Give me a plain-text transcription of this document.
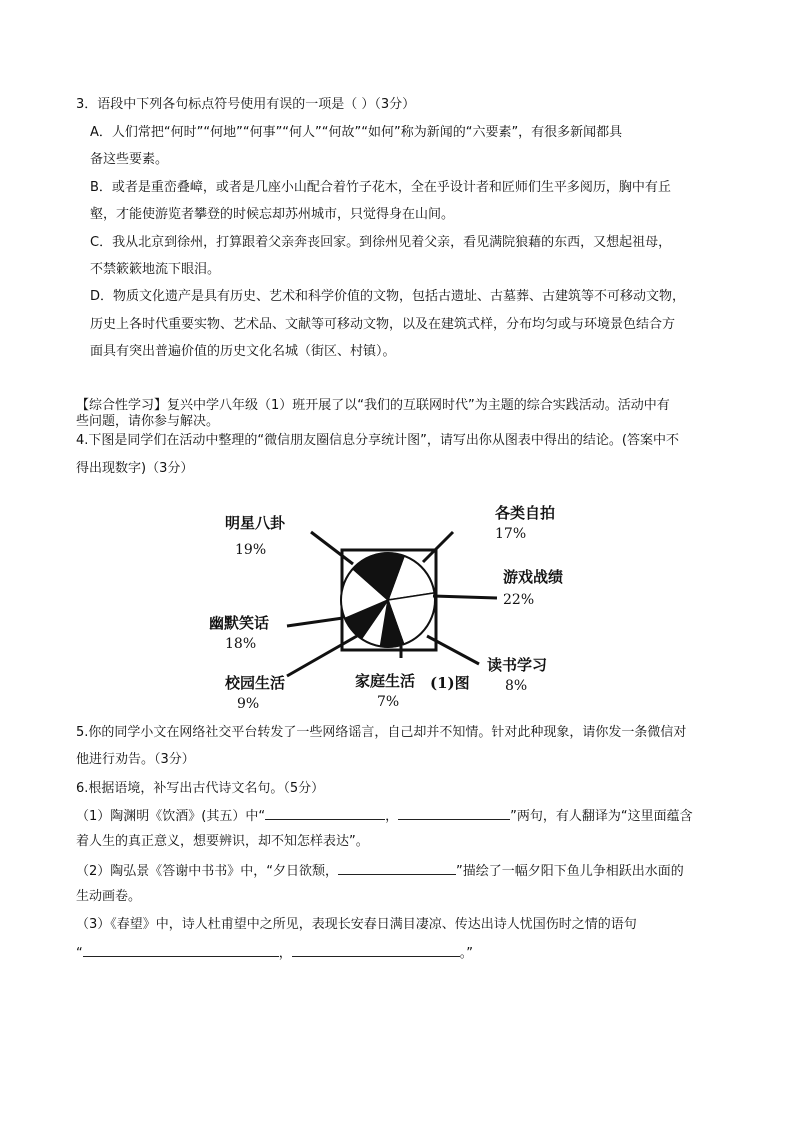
3．语段中下列各句标点符号使用有误的一项是（ ）（3分）
A．人们常把“何时”“何地”“何事”“何人”“何故”“如何”称为新闻的“六要素”，有很多新闻都具
备这些要素。
B．或者是重峦叠嶂，或者是几座小山配合着竹子花木，全在乎设计者和匠师们生平多阅历，胸中有丘
壑，才能使游览者攀登的时候忘却苏州城市，只觉得身在山间。
C．我从北京到徐州，打算跟着父亲奔丧回家。到徐州见着父亲，看见满院狼藉的东西，又想起祖母，
不禁簌簌地流下眼泪。
D．物质文化遗产是具有历史、艺术和科学价值的文物，包括古遗址、古墓葬、古建筑等不可移动文物，
历史上各时代重要实物、艺术品、文献等可移动文物，以及在建筑式样，分布均匀或与环境景色结合方
面具有突出普遍价值的历史文化名城（街区、村镇）。
【综合性学习】复兴中学八年级（1）班开展了以“我们的互联网时代”为主题的综合实践活动。活动中有
些问题，请你参与解决。
4.下图是同学们在活动中整理的“微信朋友圈信息分享统计图”，请写出你从图表中得出的结论。(答案中不
得出现数字)（3分）
各类自拍
17%
游戏战绩
22%
读书学习
8%
家庭生活
7%
校园生活
9%
幽默笑话
18%
明星八卦
19%
(1)图
5.你的同学小文在网络社交平台转发了一些网络谣言，自己却并不知情。针对此种现象，请你发一条微信对
他进行劝告。（3分）
6.根据语境，补写出古代诗文名句。（5分）
（1）陶渊明《饮酒》(其五）中“	，	”两句，有人翻译为“这里面蕴含
着人生的真正意义，想要辨识，却不知怎样表达”。
（2）陶弘景《答谢中书书》中，“夕日欲颓，	”描绘了一幅夕阳下鱼儿争相跃出水面的
生动画卷。
（3）《春望》中，诗人杜甫望中之所见，表现长安春日满目凄凉、传达出诗人忧国伤时之情的语句
“	，	。”
